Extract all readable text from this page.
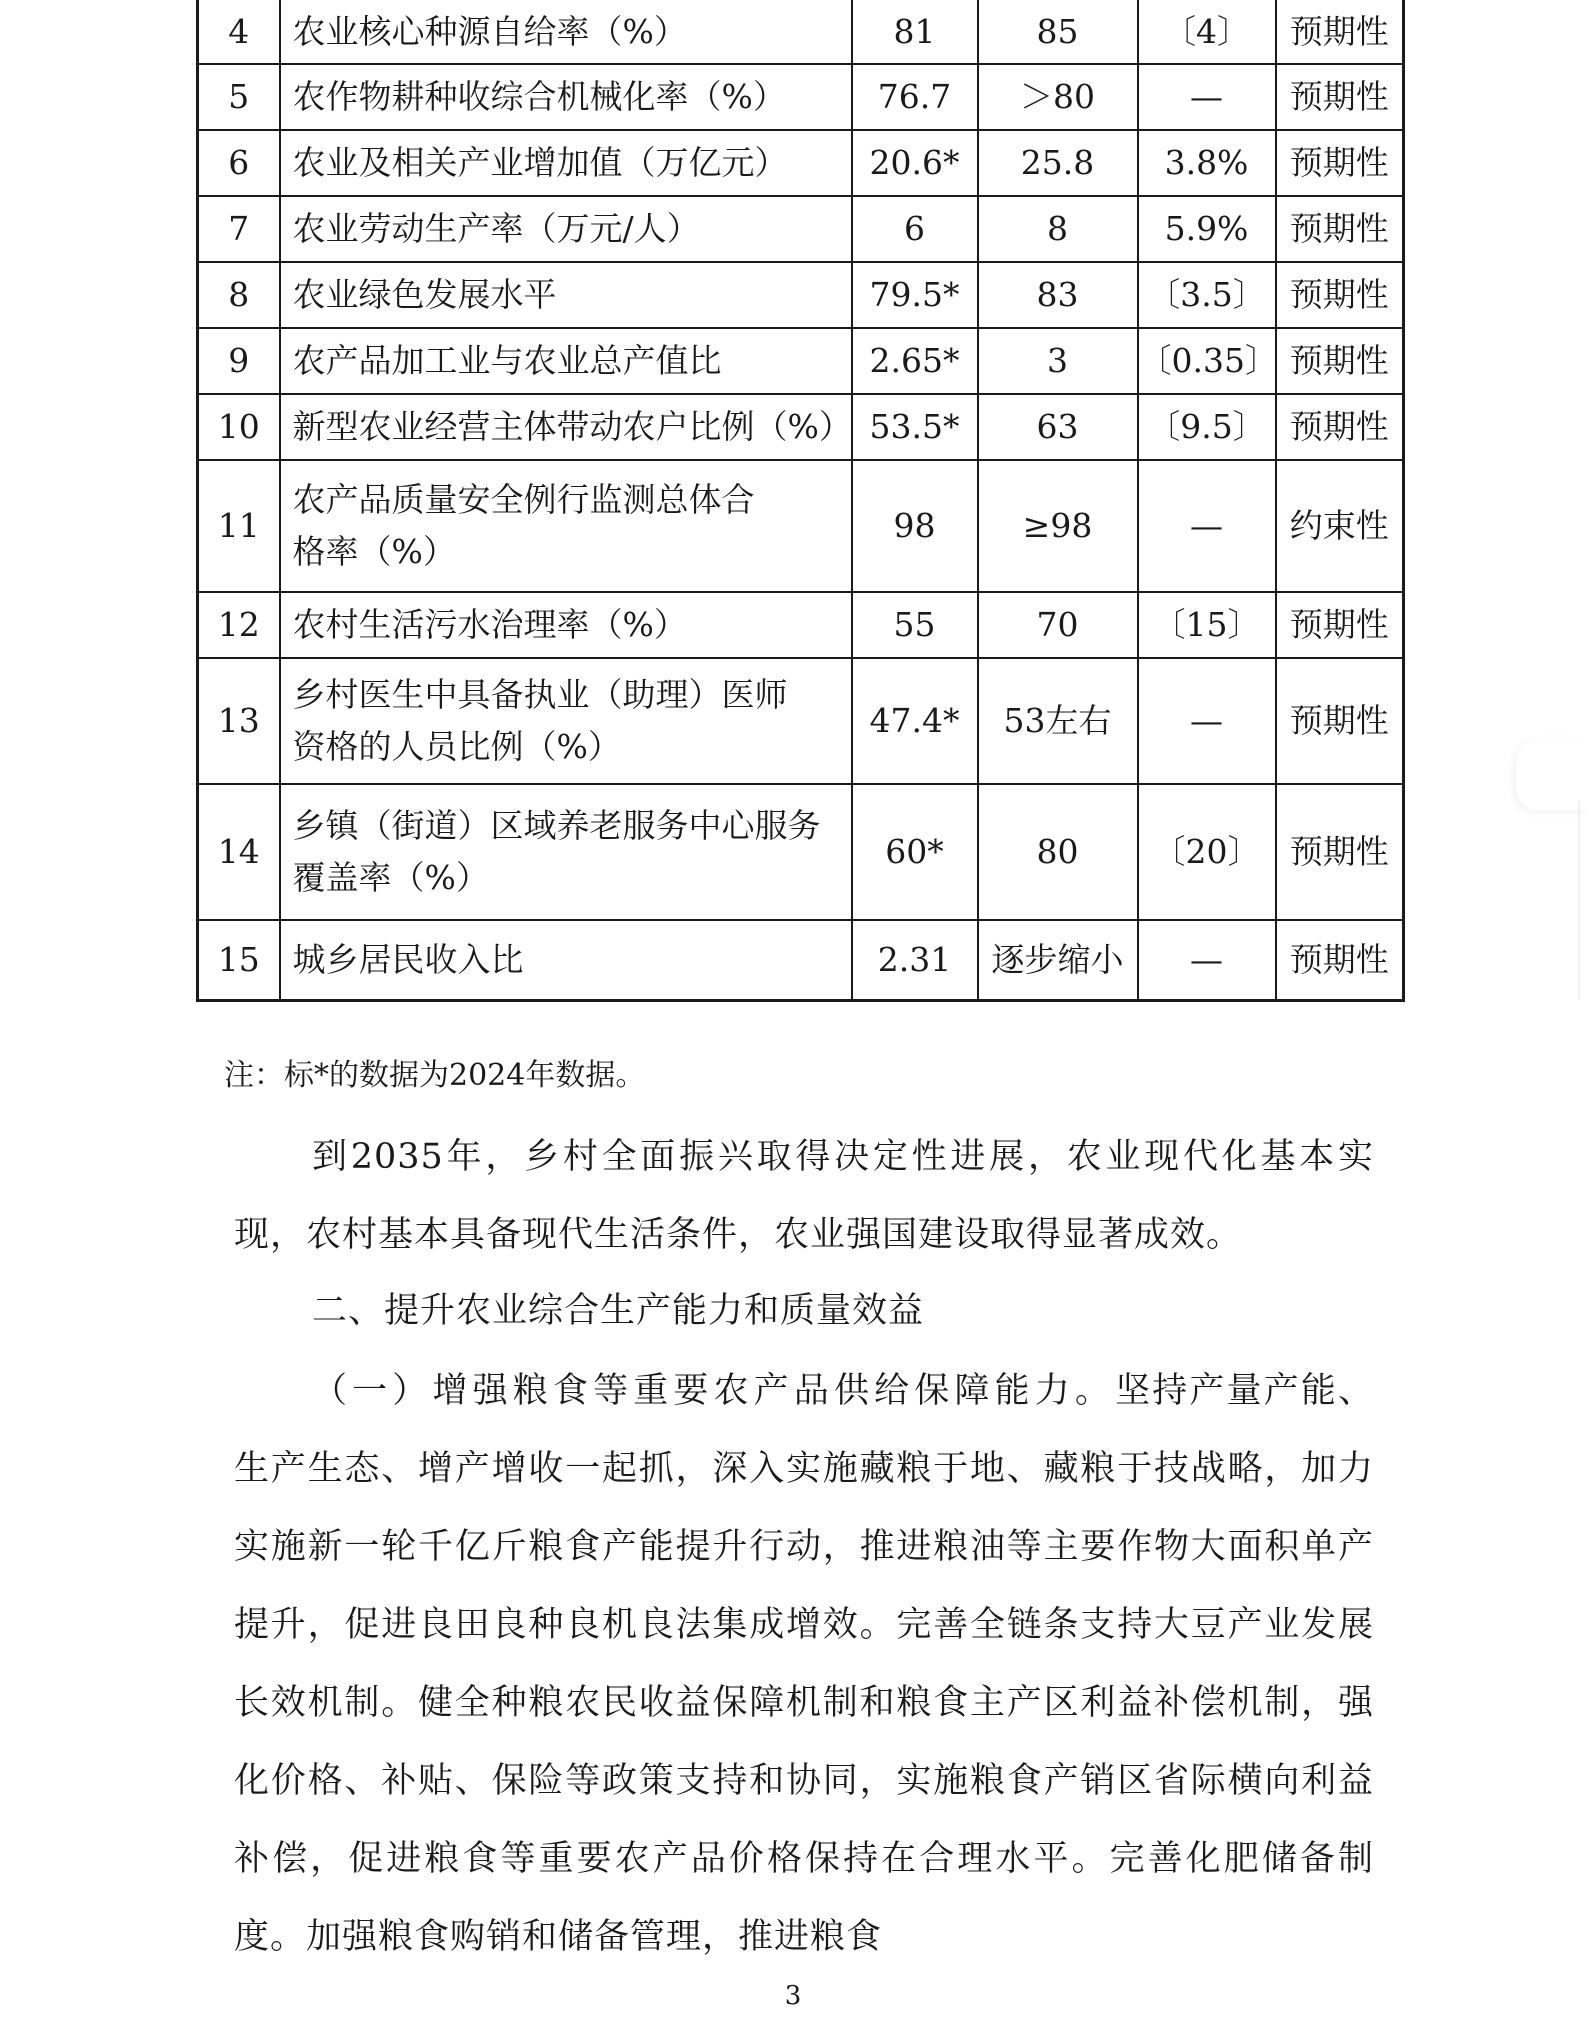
4	农业核心种源自给率（%）	81	85	〔4〕	预期性
5	农作物耕种收综合机械化率（%）	76.7	＞80	—	预期性
6	农业及相关产业增加值（万亿元）	20.6*	25.8	3.8%	预期性
7	农业劳动生产率（万元/人）	6	8	5.9%	预期性
8	农业绿色发展水平	79.5*	83	〔3.5〕	预期性
9	农产品加工业与农业总产值比	2.65*	3	〔0.35〕	预期性
10	新型农业经营主体带动农户比例（%）	53.5*	63	〔9.5〕	预期性
11	农产品质量安全例行监测总体合
格率（%）	98	≥98	—	约束性
12	农村生活污水治理率（%）	55	70	〔15〕	预期性
13	乡村医生中具备执业（助理）医师
资格的人员比例（%）	47.4*	53左右	—	预期性
14	乡镇（街道）区域养老服务中心服务
覆盖率（%）	60*	80	〔20〕	预期性
15	城乡居民收入比	2.31	逐步缩小	—	预期性
注：标*的数据为2024年数据。
到2035年，乡村全面振兴取得决定性进展，农业现代化基本实现，农村基本具备现代生活条件，农业强国建设取得显著成效。
二、提升农业综合生产能力和质量效益
（一）增强粮食等重要农产品供给保障能力。坚持产量产能、生产生态、增产增收一起抓，深入实施藏粮于地、藏粮于技战略，加力实施新一轮千亿斤粮食产能提升行动，推进粮油等主要作物大面积单产提升，促进良田良种良机良法集成增效。完善全链条支持大豆产业发展长效机制。健全种粮农民收益保障机制和粮食主产区利益补偿机制，强化价格、补贴、保险等政策支持和协同，实施粮食产销区省际横向利益补偿，促进粮食等重要农产品价格保持在合理水平。完善化肥储备制度。加强粮食购销和储备管理，推进粮食
3
